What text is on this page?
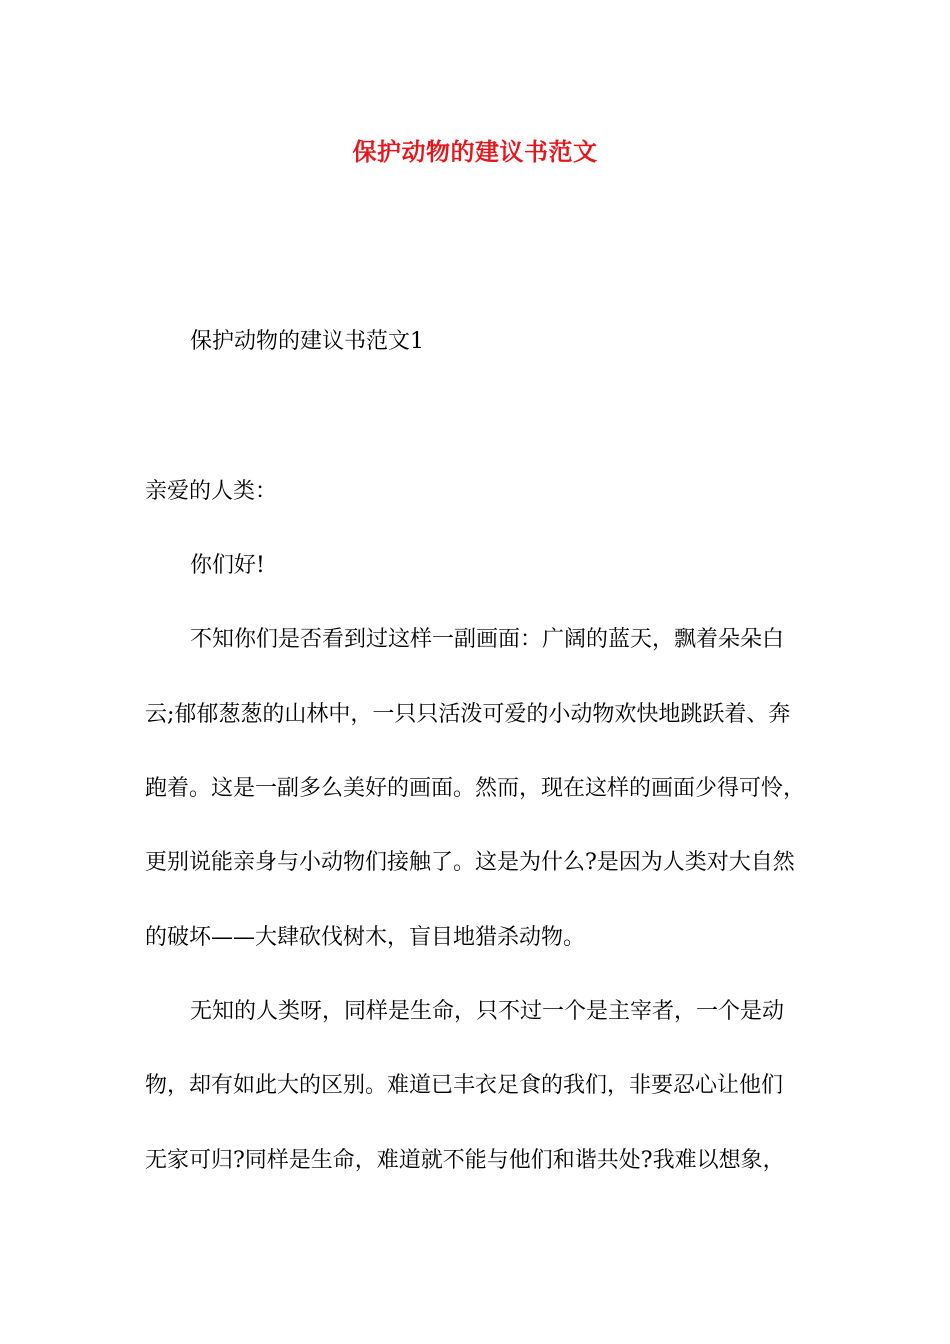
保护动物的建议书范文

保护动物的建议书范文1

亲爱的人类：

你们好!

不知你们是否看到过这样一副画面：广阔的蓝天，飘着朵朵白

云;郁郁葱葱的山林中，一只只活泼可爱的小动物欢快地跳跃着、奔

跑着。这是一副多么美好的画面。然而，现在这样的画面少得可怜，

更别说能亲身与小动物们接触了。这是为什么?是因为人类对大自然

的破坏——大肆砍伐树木，盲目地猎杀动物。

无知的人类呀，同样是生命，只不过一个是主宰者，一个是动

物，却有如此大的区别。难道已丰衣足食的我们，非要忍心让他们

无家可归?同样是生命，难道就不能与他们和谐共处?我难以想象，
